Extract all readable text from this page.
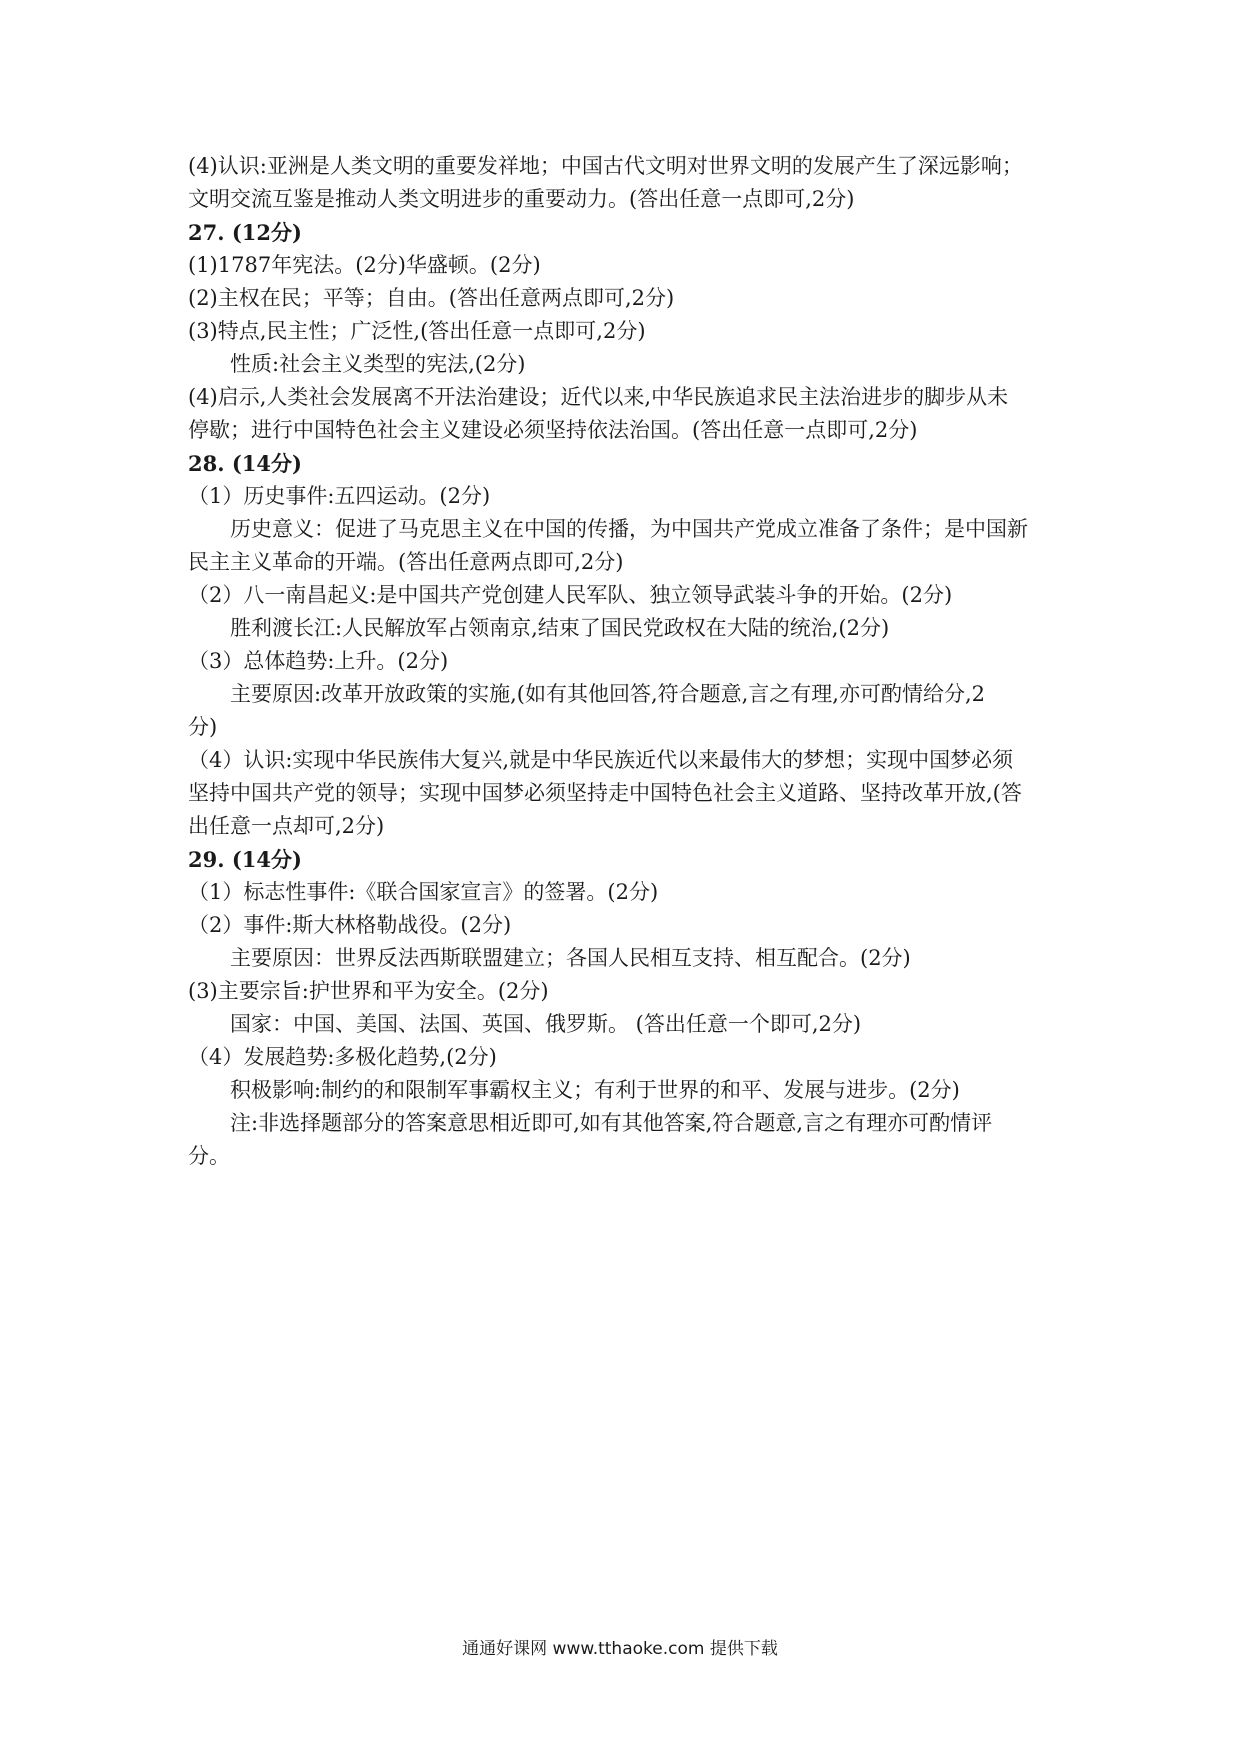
(4)认识:亚洲是人类文明的重要发祥地；中国古代文明对世界文明的发展产生了深远影响；

文明交流互鉴是推动人类文明进步的重要动力。(答出任意一点即可,2分)

27. (12分)

(1)1787年宪法。(2分)华盛顿。(2分)

(2)主权在民；平等；自由。(答出任意两点即可,2分)

(3)特点,民主性；广泛性,(答出任意一点即可,2分)

性质:社会主义类型的宪法,(2分)

(4)启示,人类社会发展离不开法治建设；近代以来,中华民族追求民主法治进步的脚步从未

停歇；进行中国特色社会主义建设必须坚持依法治国。(答出任意一点即可,2分)

28. (14分)

（1）历史事件:五四运动。(2分)

历史意义：促进了马克思主义在中国的传播，为中国共产党成立准备了条件；是中国新

民主主义革命的开端。(答出任意两点即可,2分)

（2）八一南昌起义:是中国共产党创建人民军队、独立领导武装斗争的开始。(2分)

胜利渡长江:人民解放军占领南京,结束了国民党政权在大陆的统治,(2分)

（3）总体趋势:上升。(2分)

主要原因:改革开放政策的实施,(如有其他回答,符合题意,言之有理,亦可酌情给分,2

分)

（4）认识:实现中华民族伟大复兴,就是中华民族近代以来最伟大的梦想；实现中国梦必须

坚持中国共产党的领导；实现中国梦必须坚持走中国特色社会主义道路、坚持改革开放,(答

出任意一点却可,2分)

29. (14分)

（1）标志性事件:《联合国家宣言》的签署。(2分)

（2）事件:斯大林格勒战役。(2分)

主要原因：世界反法西斯联盟建立；各国人民相互支持、相互配合。(2分)

(3)主要宗旨:护世界和平为安全。(2分)

国家：中国、美国、法国、英国、俄罗斯。 (答出任意一个即可,2分)

（4）发展趋势:多极化趋势,(2分)

积极影响:制约的和限制军事霸权主义；有利于世界的和平、发展与进步。(2分)

注:非选择题部分的答案意思相近即可,如有其他答案,符合题意,言之有理亦可酌情评

分。

通通好课网 www.tthaoke.com 提供下载
